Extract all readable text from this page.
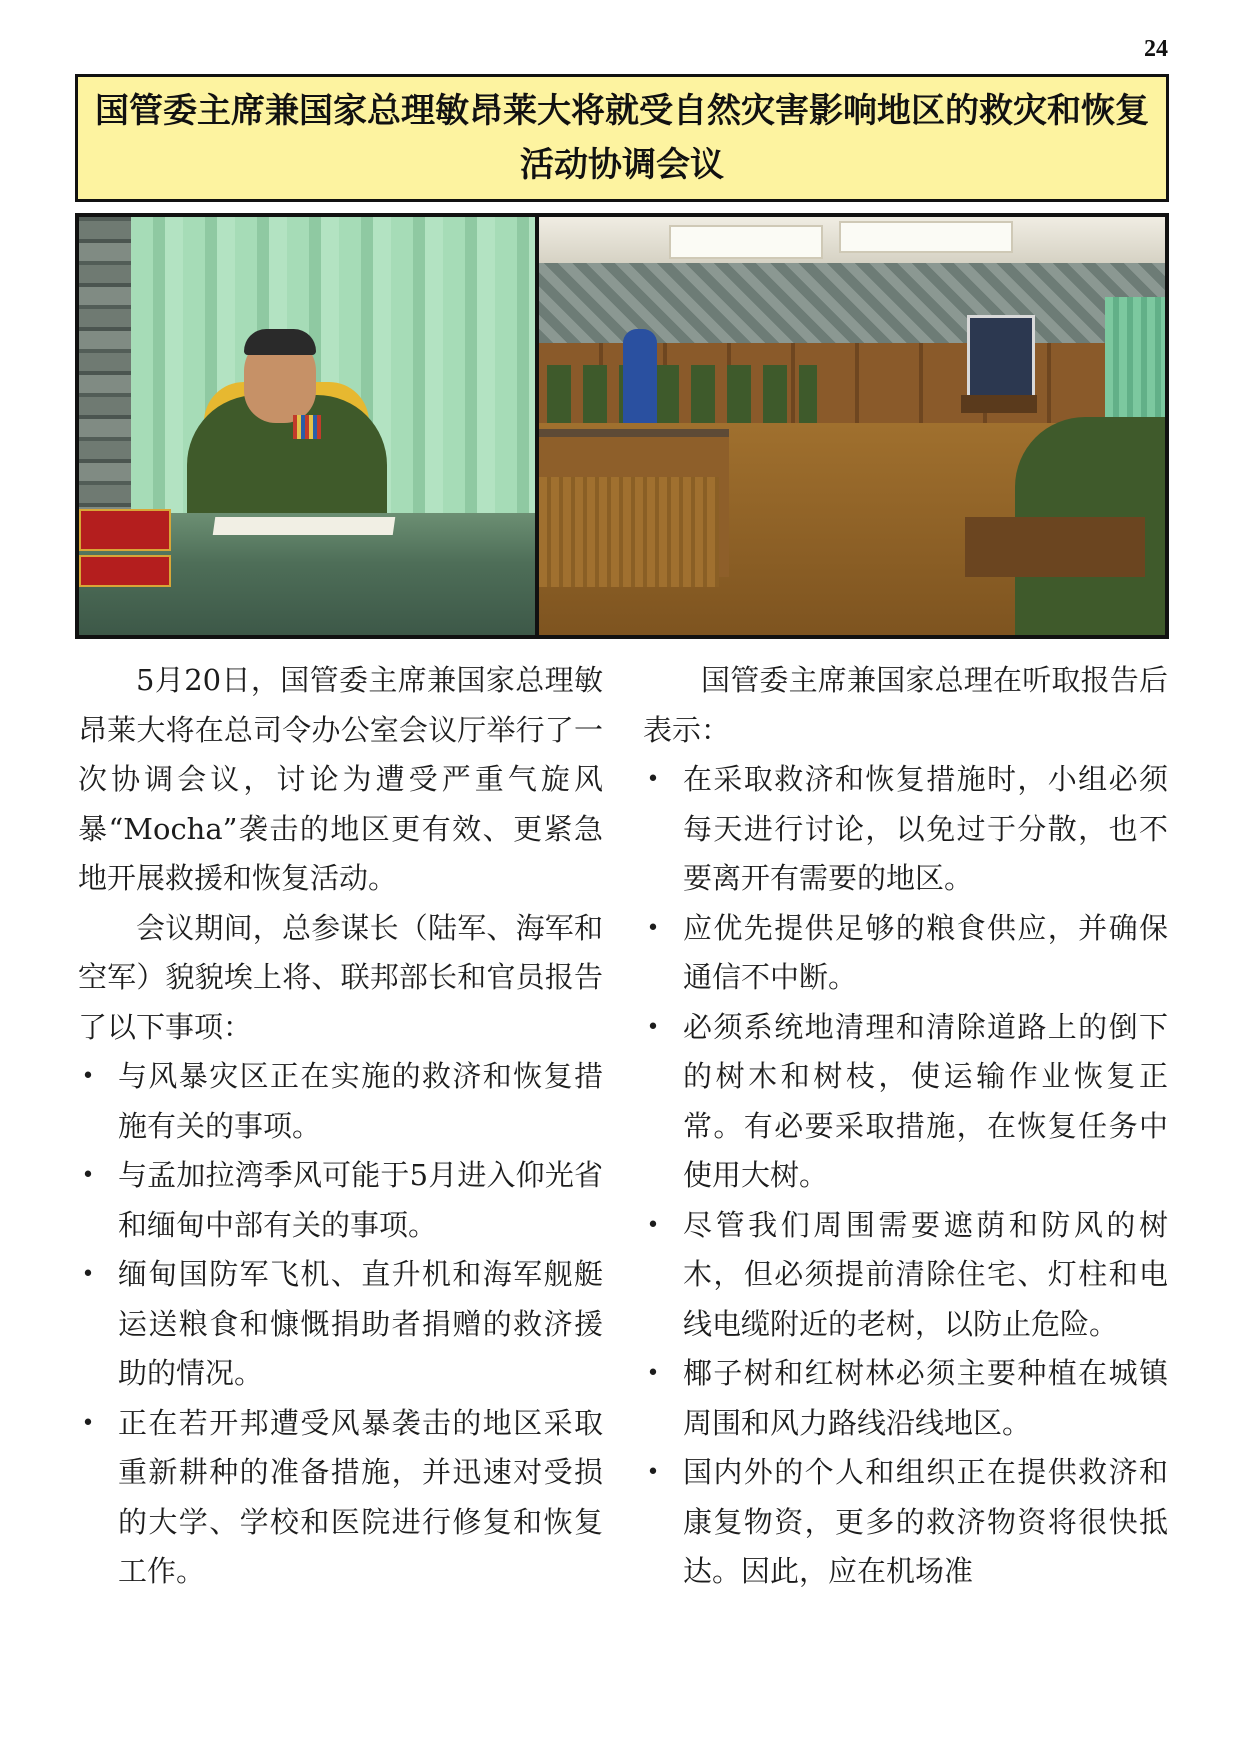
24
国管委主席兼国家总理敏昂莱大将就受自然灾害影响地区的救灾和恢复活动协调会议

5月20日，国管委主席兼国家总理敏昂莱大将在总司令办公室会议厅举行了一次协调会议，讨论为遭受严重气旋风暴“Mocha”袭击的地区更有效、更紧急地开展救援和恢复活动。

会议期间，总参谋长（陆军、海军和空军）貌貌埃上将、联邦部长和官员报告了以下事项：

• 与风暴灾区正在实施的救济和恢复措施有关的事项。
• 与孟加拉湾季风可能于5月进入仰光省和缅甸中部有关的事项。
• 缅甸国防军飞机、直升机和海军舰艇运送粮食和慷慨捐助者捐赠的救济援助的情况。
• 正在若开邦遭受风暴袭击的地区采取重新耕种的准备措施，并迅速对受损的大学、学校和医院进行修复和恢复工作。

国管委主席兼国家总理在听取报告后表示：

• 在采取救济和恢复措施时，小组必须每天进行讨论，以免过于分散，也不要离开有需要的地区。
• 应优先提供足够的粮食供应，并确保通信不中断。
• 必须系统地清理和清除道路上的倒下的树木和树枝，使运输作业恢复正常。有必要采取措施，在恢复任务中使用大树。
• 尽管我们周围需要遮荫和防风的树木，但必须提前清除住宅、灯柱和电线电缆附近的老树，以防止危险。
• 椰子树和红树林必须主要种植在城镇周围和风力路线沿线地区。
• 国内外的个人和组织正在提供救济和康复物资，更多的救济物资将很快抵达。因此，应在机场准
